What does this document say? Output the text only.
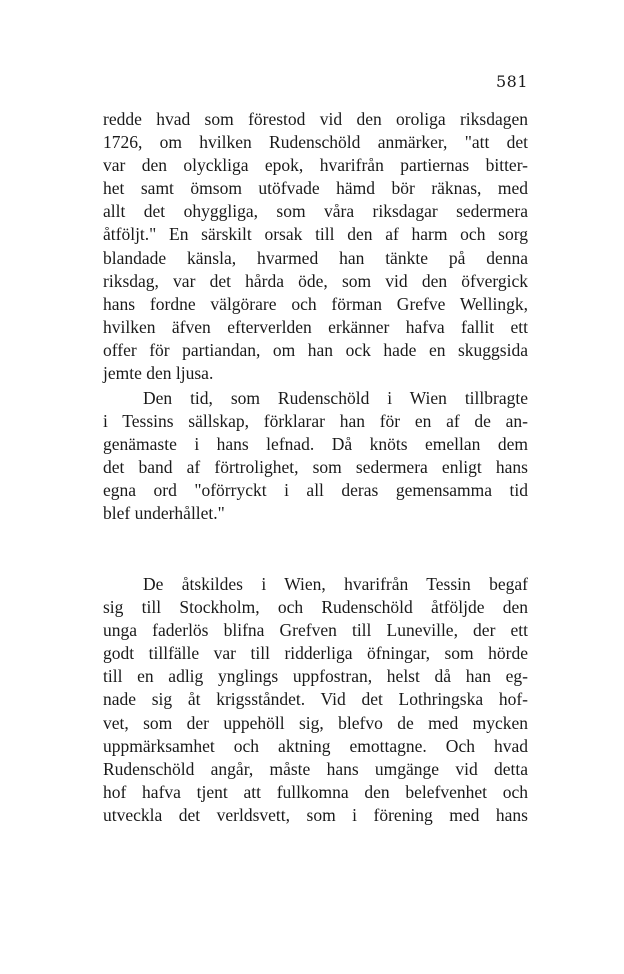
581
redde hvad som förestod vid den oroliga riksdagen
1726, om hvilken Rudenschöld anmärker, "att det
var den olyckliga epok, hvarifrån partiernas bitter-
het samt ömsom utöfvade hämd bör räknas, med
allt det ohyggliga, som våra riksdagar sedermera
åtföljt." En särskilt orsak till den af harm och sorg
blandade känsla, hvarmed han tänkte på denna
riksdag, var det hårda öde, som vid den öfvergick
hans fordne välgörare och förman Grefve Wellingk,
hvilken äfven efterverlden erkänner hafva fallit ett
offer för partiandan, om han ock hade en skuggsida
jemte den ljusa.
Den tid, som Rudenschöld i Wien tillbragte
i Tessins sällskap, förklarar han för en af de an-
genämaste i hans lefnad. Då knöts emellan dem
det band af förtrolighet, som sedermera enligt hans
egna ord "oförryckt i all deras gemensamma tid
blef underhållet."
De åtskildes i Wien, hvarifrån Tessin begaf
sig till Stockholm, och Rudenschöld åtföljde den
unga faderlös blifna Grefven till Luneville, der ett
godt tillfälle var till ridderliga öfningar, som hörde
till en adlig ynglings uppfostran, helst då han eg-
nade sig åt krigsståndet. Vid det Lothringska hof-
vet, som der uppehöll sig, blefvo de med mycken
uppmärksamhet och aktning emottagne. Och hvad
Rudenschöld angår, måste hans umgänge vid detta
hof hafva tjent att fullkomna den belefvenhet och
utveckla det verldsvett, som i förening med hans
